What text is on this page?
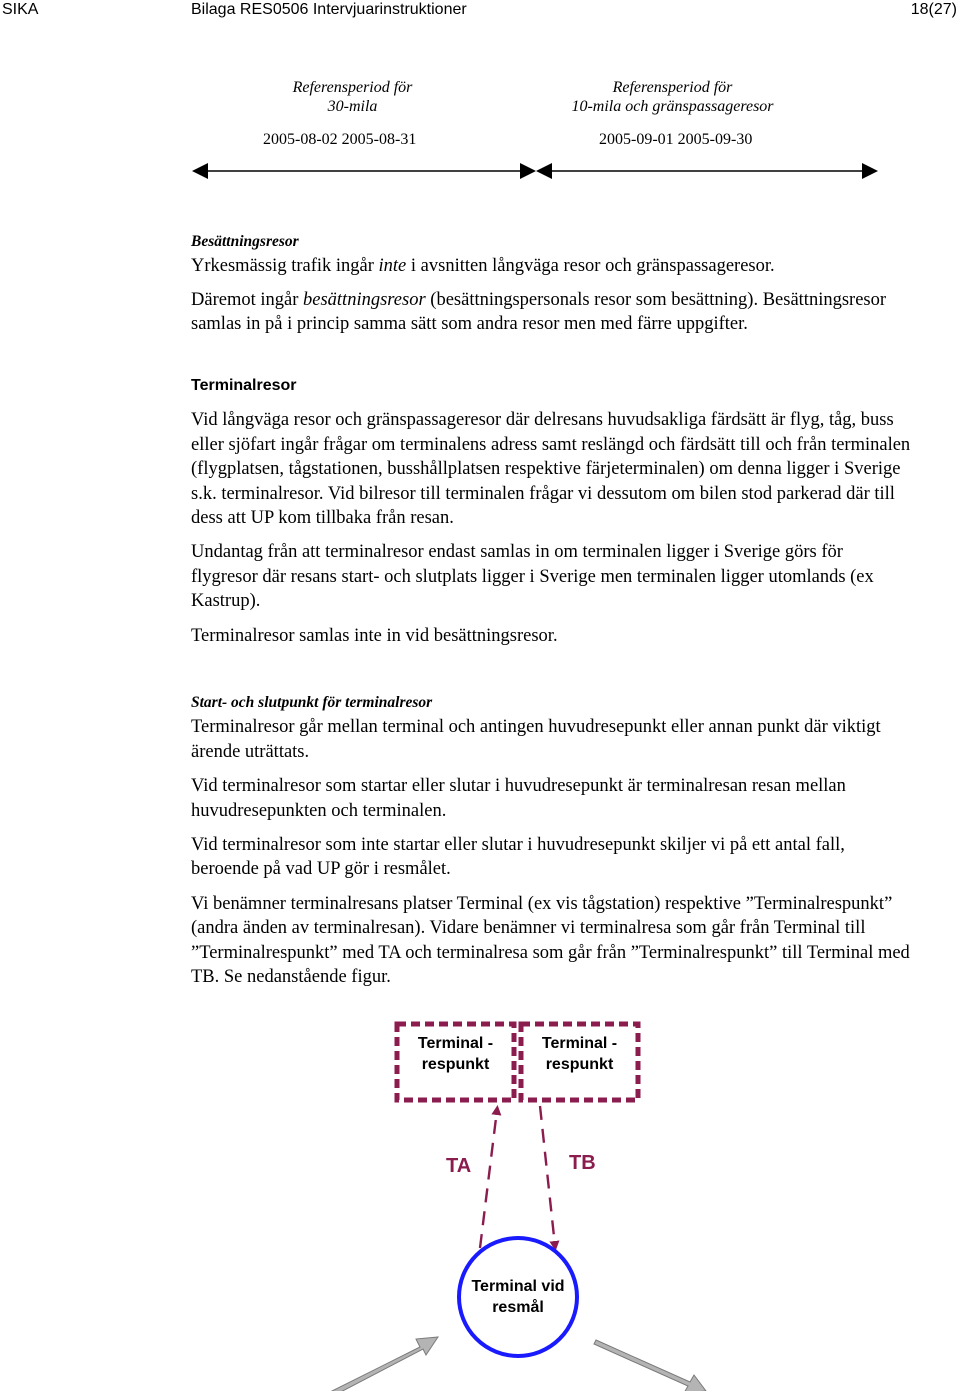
SIKA	Bilaga RES0506 Intervjuarinstruktioner	18(27)
Referensperiod för
30-mila
Referensperiod för
10-mila och gränspassageresor
2005-08-02 2005-08-31	2005-09-01 2005-09-30
Besättningsresor

Yrkesmässig trafik ingår inte i avsnitten långväga resor och gränspassageresor.

Däremot ingår besättningsresor (besättningspersonals resor som besättning). Besättningsresor samlas in på i princip samma sätt som andra resor men med färre uppgifter.

Terminalresor

Vid långväga resor och gränspassageresor där delresans huvudsakliga färdsätt är flyg, tåg, buss eller sjöfart ingår frågar om terminalens adress samt reslängd och färdsätt till och från terminalen (flygplatsen, tågstationen, busshållplatsen respektive färjeterminalen) om denna ligger i Sverige s.k. terminalresor. Vid bilresor till terminalen frågar vi dessutom om bilen stod parkerad där till dess att UP kom tillbaka från resan.

Undantag från att terminalresor endast samlas in om terminalen ligger i Sverige görs för flygresor där resans start- och slutplats ligger i Sverige men terminalen ligger utomlands (ex Kastrup).

Terminalresor samlas inte in vid besättningsresor.

Start- och slutpunkt för terminalresor

Terminalresor går mellan terminal och antingen huvudresepunkt eller annan punkt där viktigt ärende uträttats.

Vid terminalresor som startar eller slutar i huvudresepunkt är terminalresan resan mellan huvudresepunkten och terminalen.

Vid terminalresor som inte startar eller slutar i huvudresepunkt skiljer vi på ett antal fall, beroende på vad UP gör i resmålet.

Vi benämner terminalresans platser Terminal (ex vis tågstation) respektive ”Terminalrespunkt” (andra änden av terminalresan). Vidare benämner vi terminalresa som går från Terminal till ”Terminalrespunkt” med TA och terminalresa som går från ”Terminalrespunkt” till Terminal med TB. Se nedanstående figur.

Terminal -
respunkt
Terminal -
respunkt
TA	TB
Terminal vid
resmål
